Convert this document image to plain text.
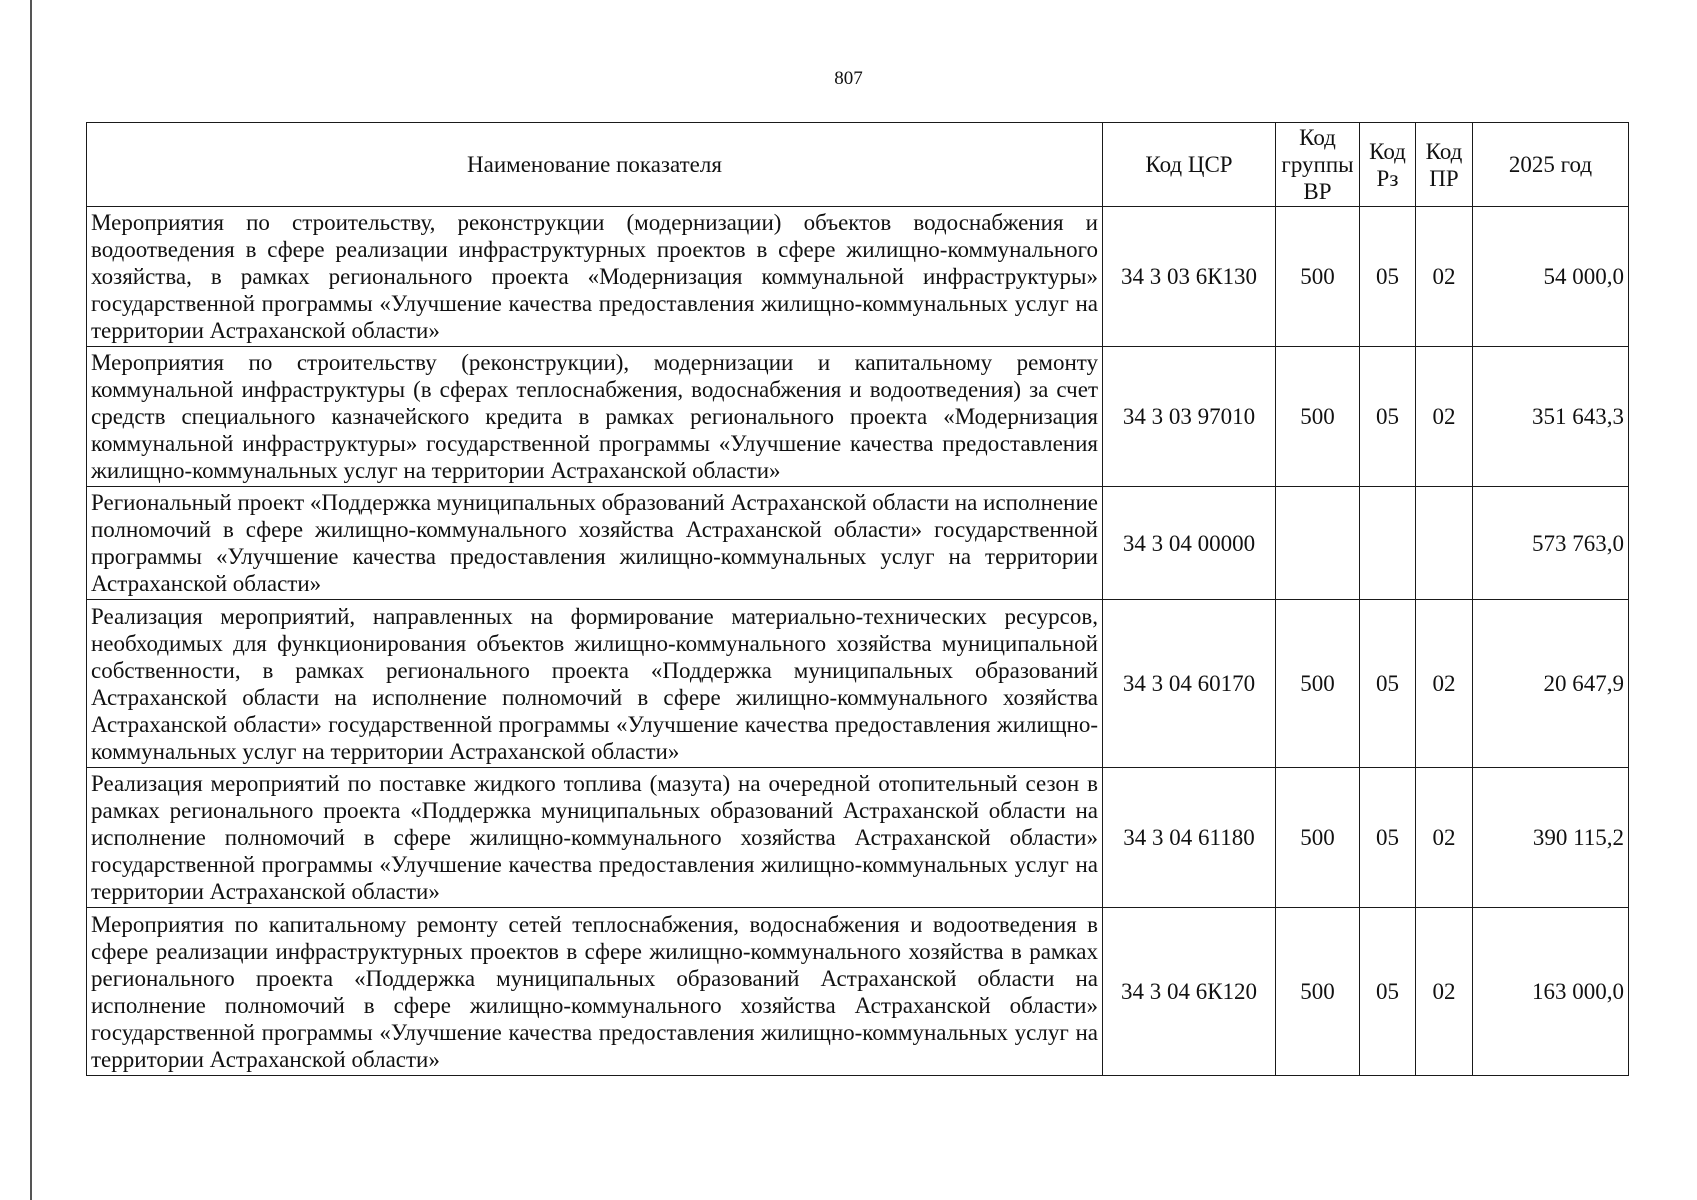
807
Наименование показателя	Код ЦСР	Код группы ВР	Код Рз	Код ПР	2025 год
Мероприятия по строительству, реконструкции (модернизации) объектов водоснабжения и водоотведения в сфере реализации инфраструктурных проектов в сфере жилищно-коммунального хозяйства, в рамках регионального проекта «Модернизация коммунальной инфраструктуры» государственной программы «Улучшение качества предоставления жилищно-коммунальных услуг на территории Астраханской области»	34 3 03 6К130	500	05	02	54 000,0
Мероприятия по строительству (реконструкции), модернизации и капитальному ремонту коммунальной инфраструктуры (в сферах теплоснабжения, водоснабжения и водоотведения) за счет средств специального казначейского кредита в рамках регионального проекта «Модернизация коммунальной инфраструктуры» государственной программы «Улучшение качества предоставления жилищно-коммунальных услуг на территории Астраханской области»	34 3 03 97010	500	05	02	351 643,3
Региональный проект «Поддержка муниципальных образований Астраханской области на исполнение полномочий в сфере жилищно-коммунального хозяйства Астраханской области» государственной программы «Улучшение качества предоставления жилищно-коммунальных услуг на территории Астраханской области»	34 3 04 00000				573 763,0
Реализация мероприятий, направленных на формирование материально-технических ресурсов, необходимых для функционирования объектов жилищно-коммунального хозяйства муниципальной собственности, в рамках регионального проекта «Поддержка муниципальных образований Астраханской области на исполнение полномочий в сфере жилищно-коммунального хозяйства Астраханской области» государственной программы «Улучшение качества предоставления жилищно-коммунальных услуг на территории Астраханской области»	34 3 04 60170	500	05	02	20 647,9
Реализация мероприятий по поставке жидкого топлива (мазута) на очередной отопительный сезон в рамках регионального проекта «Поддержка муниципальных образований Астраханской области на исполнение полномочий в сфере жилищно-коммунального хозяйства Астраханской области» государственной программы «Улучшение качества предоставления жилищно-коммунальных услуг на территории Астраханской области»	34 3 04 61180	500	05	02	390 115,2
Мероприятия по капитальному ремонту сетей теплоснабжения, водоснабжения и водоотведения в сфере реализации инфраструктурных проектов в сфере жилищно-коммунального хозяйства в рамках регионального проекта «Поддержка муниципальных образований Астраханской области на исполнение полномочий в сфере жилищно-коммунального хозяйства Астраханской области» государственной программы «Улучшение качества предоставления жилищно-коммунальных услуг на территории Астраханской области»	34 3 04 6К120	500	05	02	163 000,0
